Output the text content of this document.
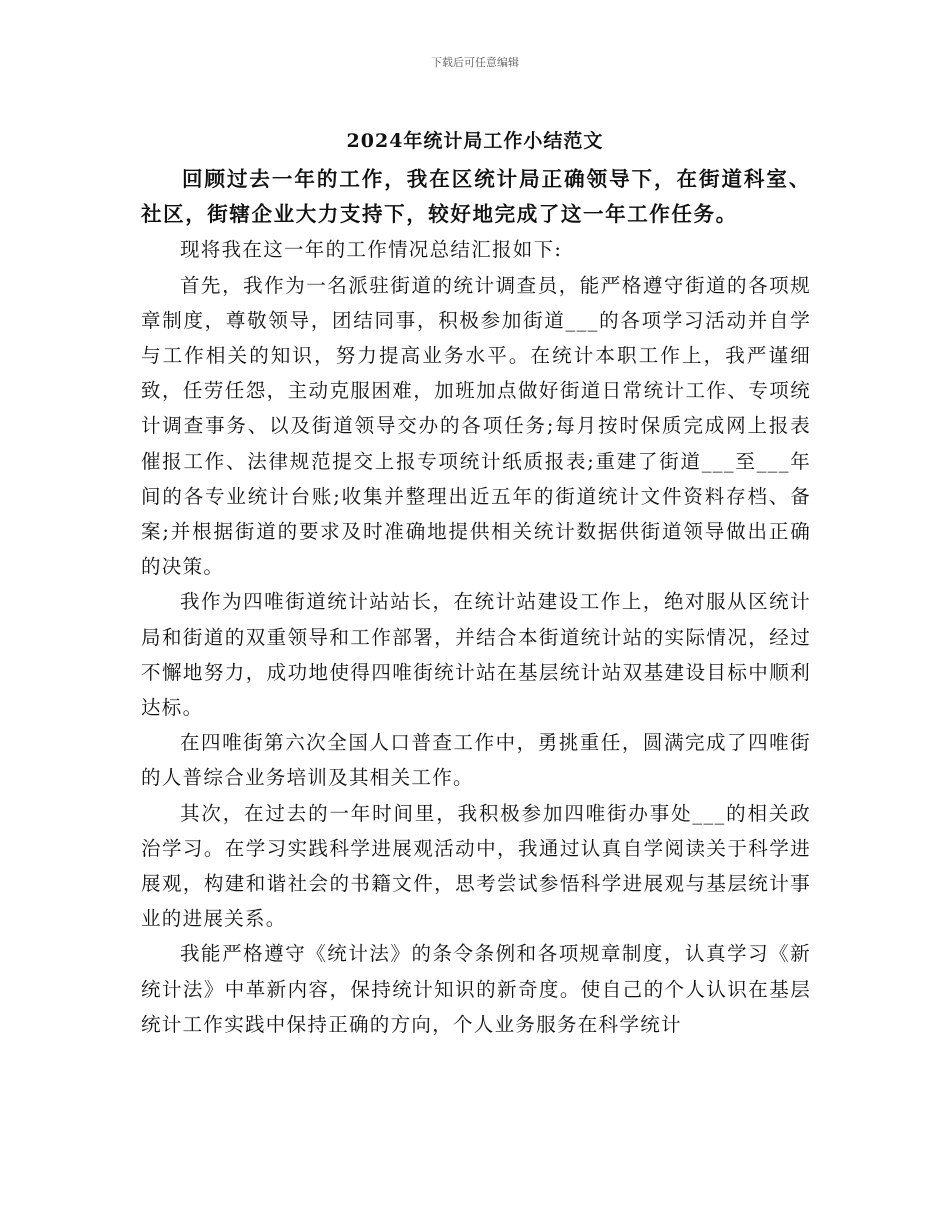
下载后可任意编辑
2024年统计局工作小结范文

回顾过去一年的工作，我在区统计局正确领导下，在街道科室、社区，街辖企业大力支持下，较好地完成了这一年工作任务。

现将我在这一年的工作情况总结汇报如下:

首先，我作为一名派驻街道的统计调查员，能严格遵守街道的各项规章制度，尊敬领导，团结同事，积极参加街道___的各项学习活动并自学与工作相关的知识，努力提高业务水平。在统计本职工作上，我严谨细致，任劳任怨，主动克服困难，加班加点做好街道日常统计工作、专项统计调查事务、以及街道领导交办的各项任务;每月按时保质完成网上报表催报工作、法律规范提交上报专项统计纸质报表;重建了街道___至___年间的各专业统计台账;收集并整理出近五年的街道统计文件资料存档、备案;并根据街道的要求及时准确地提供相关统计数据供街道领导做出正确的决策。

我作为四唯街道统计站站长，在统计站建设工作上，绝对服从区统计局和街道的双重领导和工作部署，并结合本街道统计站的实际情况，经过不懈地努力，成功地使得四唯街统计站在基层统计站双基建设目标中顺利达标。

在四唯街第六次全国人口普查工作中，勇挑重任，圆满完成了四唯街的人普综合业务培训及其相关工作。

其次，在过去的一年时间里，我积极参加四唯街办事处___的相关政治学习。在学习实践科学进展观活动中，我通过认真自学阅读关于科学进展观，构建和谐社会的书籍文件，思考尝试参悟科学进展观与基层统计事业的进展关系。

我能严格遵守《统计法》的条令条例和各项规章制度，认真学习《新统计法》中革新内容，保持统计知识的新奇度。使自己的个人认识在基层统计工作实践中保持正确的方向，个人业务服务在科学统计
